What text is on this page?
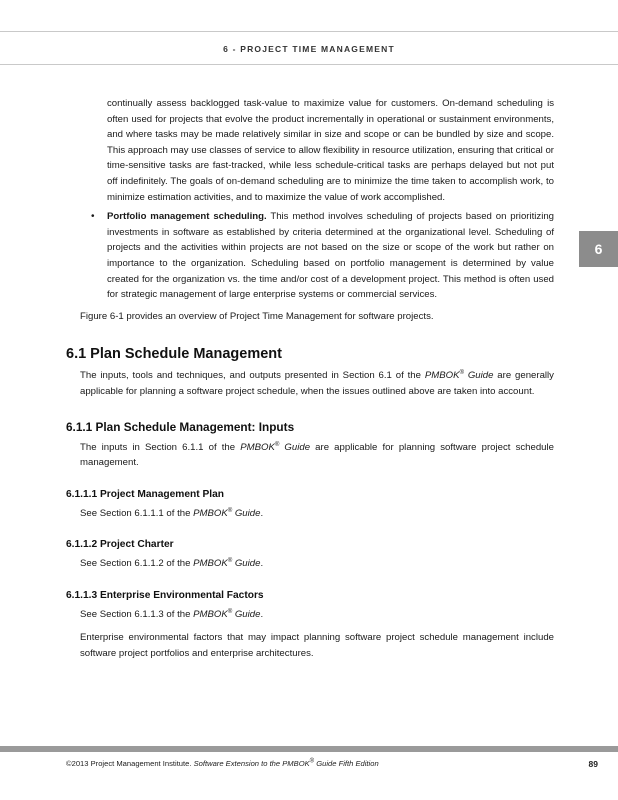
6 - PROJECT TIME MANAGEMENT
6

continually assess backlogged task-value to maximize value for customers. On-demand scheduling is often used for projects that evolve the product incrementally in operational or sustainment environments, and where tasks may be made relatively similar in size and scope or can be bundled by size and scope. This approach may use classes of service to allow flexibility in resource utilization, ensuring that critical or time-sensitive tasks are fast-tracked, while less schedule-critical tasks are perhaps delayed but not put off indefinitely. The goals of on-demand scheduling are to minimize the time taken to accomplish work, to minimize estimation activities, and to maximize the value of work accomplished.

• Portfolio management scheduling. This method involves scheduling of projects based on prioritizing investments in software as established by criteria determined at the organizational level. Scheduling of projects and the activities within projects are not based on the size or scope of the work but rather on importance to the organization. Scheduling based on portfolio management is determined by value created for the organization vs. the time and/or cost of a development project. This method is often used for strategic management of large enterprise systems or commercial services.

Figure 6-1 provides an overview of Project Time Management for software projects.

6.1 Plan Schedule Management

The inputs, tools and techniques, and outputs presented in Section 6.1 of the PMBOK® Guide are generally applicable for planning a software project schedule, when the issues outlined above are taken into account.

6.1.1 Plan Schedule Management: Inputs

The inputs in Section 6.1.1 of the PMBOK® Guide are applicable for planning software project schedule management.

6.1.1.1 Project Management Plan

See Section 6.1.1.1 of the PMBOK® Guide.

6.1.1.2 Project Charter

See Section 6.1.1.2 of the PMBOK® Guide.

6.1.1.3 Enterprise Environmental Factors

See Section 6.1.1.3 of the PMBOK® Guide.

Enterprise environmental factors that may impact planning software project schedule management include software project portfolios and enterprise architectures.

©2013 Project Management Institute. Software Extension to the PMBOK® Guide Fifth Edition	89
